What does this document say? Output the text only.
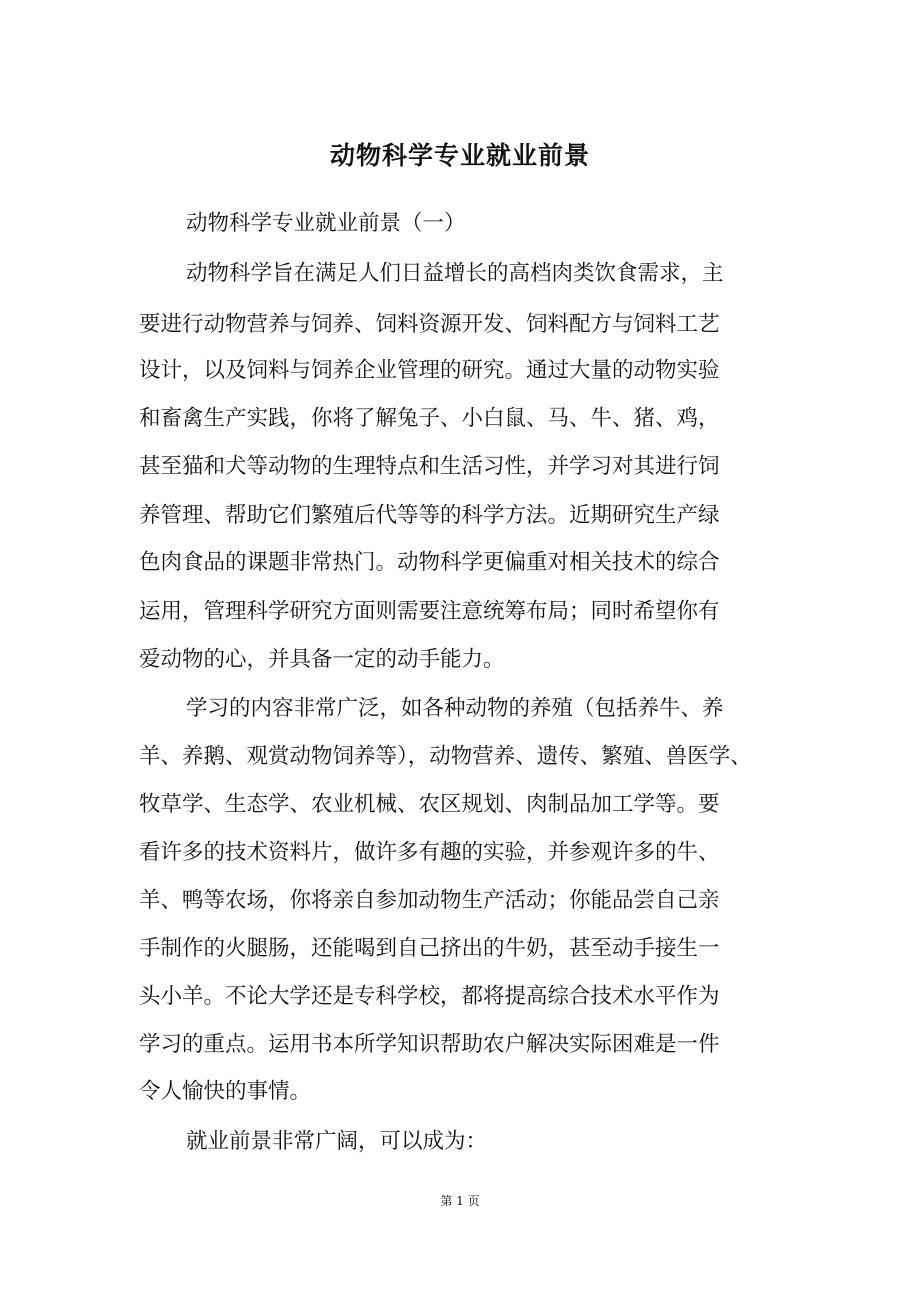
动物科学专业就业前景
动物科学专业就业前景（一）
动物科学旨在满足人们日益增长的高档肉类饮食需求，主
要进行动物营养与饲养、饲料资源开发、饲料配方与饲料工艺
设计，以及饲料与饲养企业管理的研究。通过大量的动物实验
和畜禽生产实践，你将了解兔子、小白鼠、马、牛、猪、鸡，
甚至猫和犬等动物的生理特点和生活习性，并学习对其进行饲
养管理、帮助它们繁殖后代等等的科学方法。近期研究生产绿
色肉食品的课题非常热门。动物科学更偏重对相关技术的综合
运用，管理科学研究方面则需要注意统筹布局；同时希望你有
爱动物的心，并具备一定的动手能力。
学习的内容非常广泛，如各种动物的养殖（包括养牛、养
羊、养鹅、观赏动物饲养等），动物营养、遗传、繁殖、兽医学、
牧草学、生态学、农业机械、农区规划、肉制品加工学等。要
看许多的技术资料片，做许多有趣的实验，并参观许多的牛、
羊、鸭等农场，你将亲自参加动物生产活动；你能品尝自己亲
手制作的火腿肠，还能喝到自己挤出的牛奶，甚至动手接生一
头小羊。不论大学还是专科学校，都将提高综合技术水平作为
学习的重点。运用书本所学知识帮助农户解决实际困难是一件
令人愉快的事情。
就业前景非常广阔，可以成为：
第 1 页
